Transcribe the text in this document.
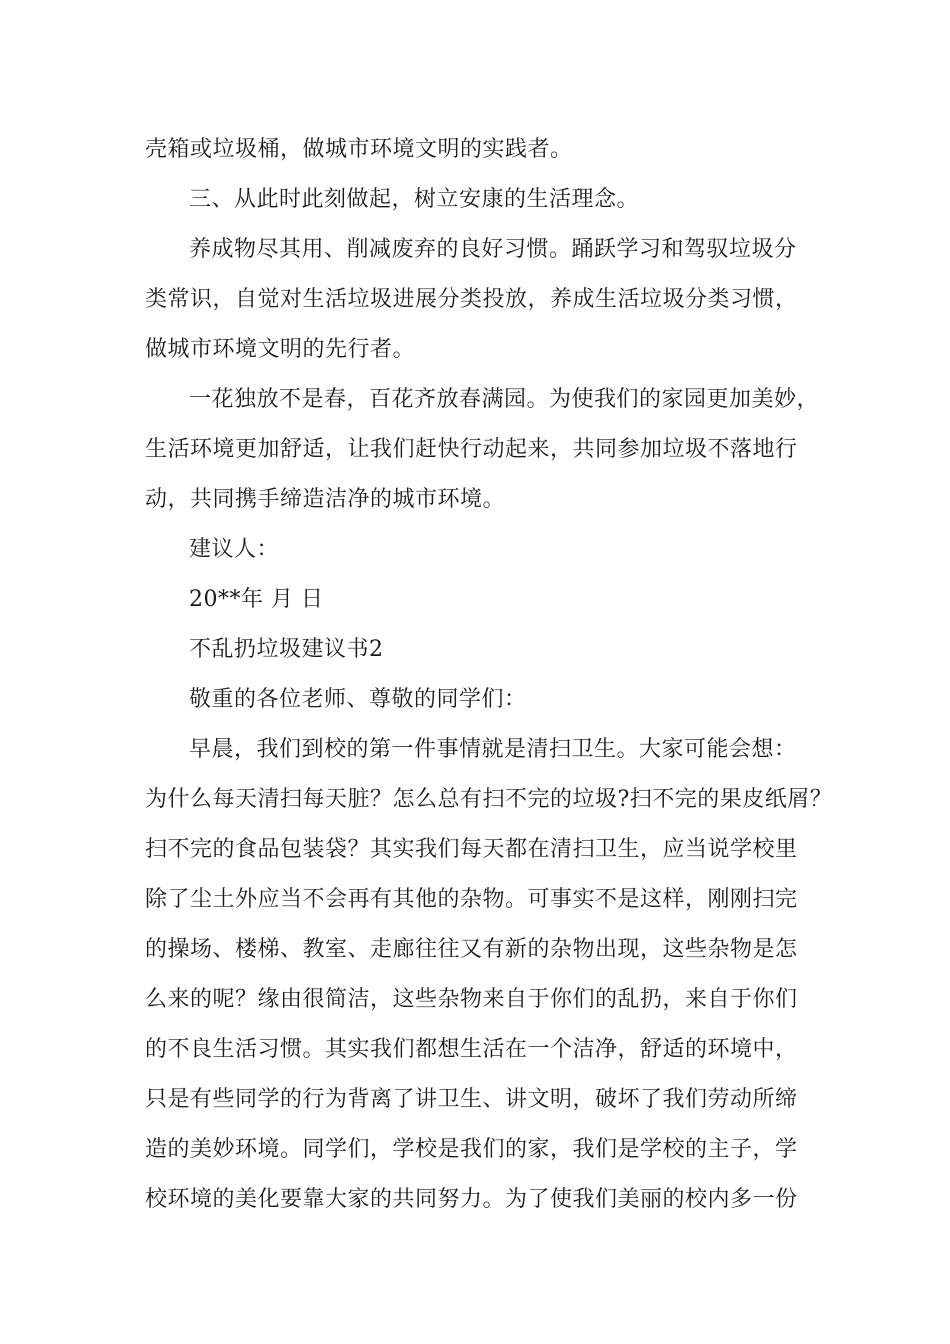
壳箱或垃圾桶，做城市环境文明的实践者。
三、从此时此刻做起，树立安康的生活理念。
养成物尽其用、削减废弃的良好习惯。踊跃学习和驾驭垃圾分
类常识，自觉对生活垃圾进展分类投放，养成生活垃圾分类习惯，
做城市环境文明的先行者。
一花独放不是春，百花齐放春满园。为使我们的家园更加美妙，
生活环境更加舒适，让我们赶快行动起来，共同参加垃圾不落地行
动，共同携手缔造洁净的城市环境。
建议人：
20**年 月 日
不乱扔垃圾建议书2
敬重的各位老师、尊敬的同学们：
早晨，我们到校的第一件事情就是清扫卫生。大家可能会想：
为什么每天清扫每天脏？怎么总有扫不完的垃圾?扫不完的果皮纸屑？
扫不完的食品包装袋？其实我们每天都在清扫卫生，应当说学校里
除了尘土外应当不会再有其他的杂物。可事实不是这样，刚刚扫完
的操场、楼梯、教室、走廊往往又有新的杂物出现，这些杂物是怎
么来的呢？缘由很简洁，这些杂物来自于你们的乱扔，来自于你们
的不良生活习惯。其实我们都想生活在一个洁净，舒适的环境中，
只是有些同学的行为背离了讲卫生、讲文明，破坏了我们劳动所缔
造的美妙环境。同学们，学校是我们的家，我们是学校的主子，学
校环境的美化要靠大家的共同努力。为了使我们美丽的校内多一份
